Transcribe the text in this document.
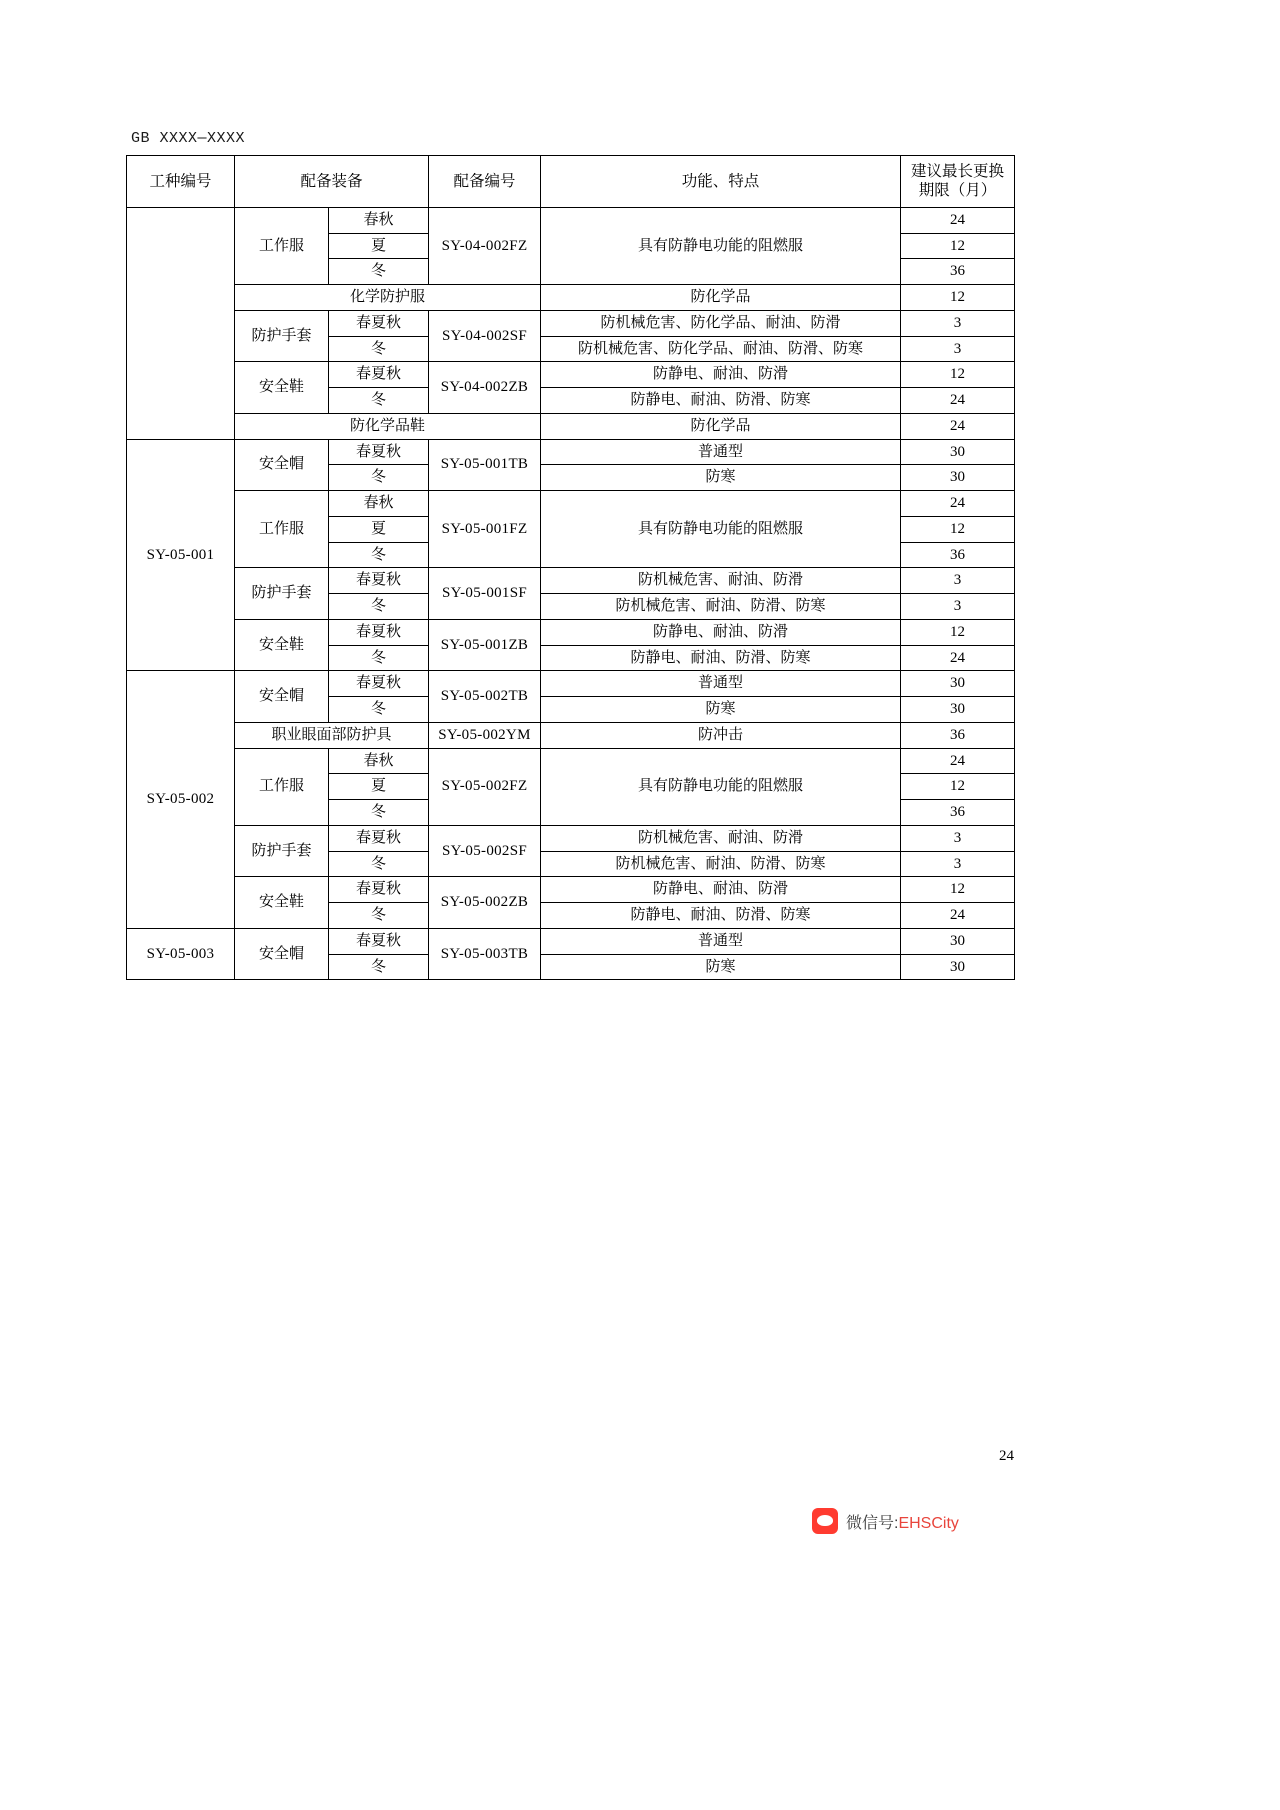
GB XXXX—XXXX
工种编号	配备装备		配备编号	功能、特点	建议最长更换期限（月）
	工作服	春秋	SY-04-002FZ	具有防静电功能的阻燃服	24
		夏			12
		冬			36
	化学防护服			防化学品	12
	防护手套	春夏秋	SY-04-002SF	防机械危害、防化学品、耐油、防滑	3
		冬		防机械危害、防化学品、耐油、防滑、防寒	3
	安全鞋	春夏秋	SY-04-002ZB	防静电、耐油、防滑	12
		冬		防静电、耐油、防滑、防寒	24
	防化学品鞋			防化学品	24
SY-05-001	安全帽	春夏秋	SY-05-001TB	普通型	30
		冬		防寒	30
	工作服	春秋	SY-05-001FZ	具有防静电功能的阻燃服	24
		夏			12
		冬			36
	防护手套	春夏秋	SY-05-001SF	防机械危害、耐油、防滑	3
		冬		防机械危害、耐油、防滑、防寒	3
	安全鞋	春夏秋	SY-05-001ZB	防静电、耐油、防滑	12
		冬		防静电、耐油、防滑、防寒	24
SY-05-002	安全帽	春夏秋	SY-05-002TB	普通型	30
		冬		防寒	30
	职业眼面部防护具		SY-05-002YM	防冲击	36
	工作服	春秋	SY-05-002FZ	具有防静电功能的阻燃服	24
		夏			12
		冬			36
	防护手套	春夏秋	SY-05-002SF	防机械危害、耐油、防滑	3
		冬		防机械危害、耐油、防滑、防寒	3
	安全鞋	春夏秋	SY-05-002ZB	防静电、耐油、防滑	12
		冬		防静电、耐油、防滑、防寒	24
SY-05-003	安全帽	春夏秋	SY-05-003TB	普通型	30
		冬		防寒	30
24
微信号:EHSCity
